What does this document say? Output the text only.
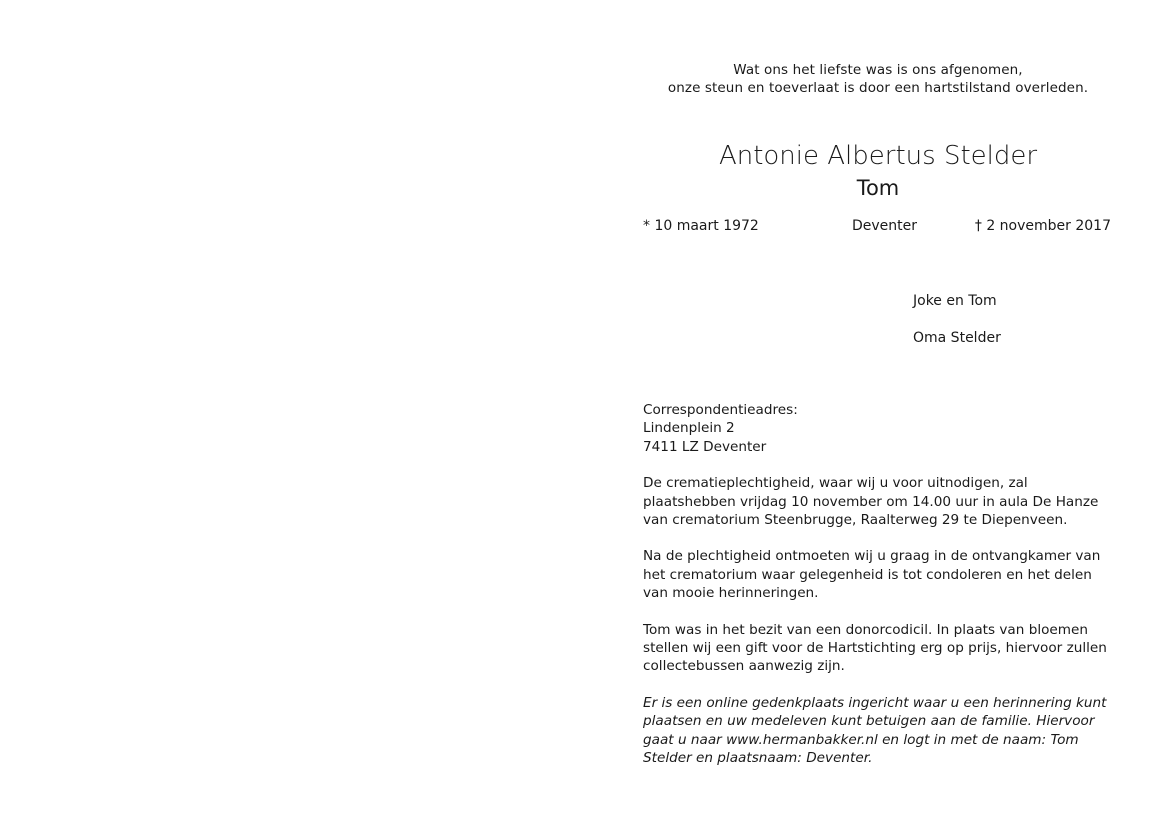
Wat ons het liefste was is ons afgenomen,
onze steun en toeverlaat is door een hartstilstand overleden.
Antonie Albertus Stelder
Tom
* 10 maart 1972	Deventer	† 2 november 2017
Joke en Tom
Oma Stelder
Correspondentieadres:
Lindenplein 2
7411 LZ Deventer

De crematieplechtigheid, waar wij u voor uitnodigen, zal plaatshebben vrijdag 10 november om 14.00 uur in aula De Hanze van crematorium Steenbrugge, Raalterweg 29 te Diepenveen.

Na de plechtigheid ontmoeten wij u graag in de ontvangkamer van het crematorium waar gelegenheid is tot condoleren en het delen van mooie herinneringen.

Tom was in het bezit van een donorcodicil. In plaats van bloemen stellen wij een gift voor de Hartstichting erg op prijs, hiervoor zullen collectebussen aanwezig zijn.

Er is een online gedenkplaats ingericht waar u een herinnering kunt plaatsen en uw medeleven kunt betuigen aan de familie. Hiervoor gaat u naar www.hermanbakker.nl en logt in met de naam: Tom Stelder en plaatsnaam: Deventer.
